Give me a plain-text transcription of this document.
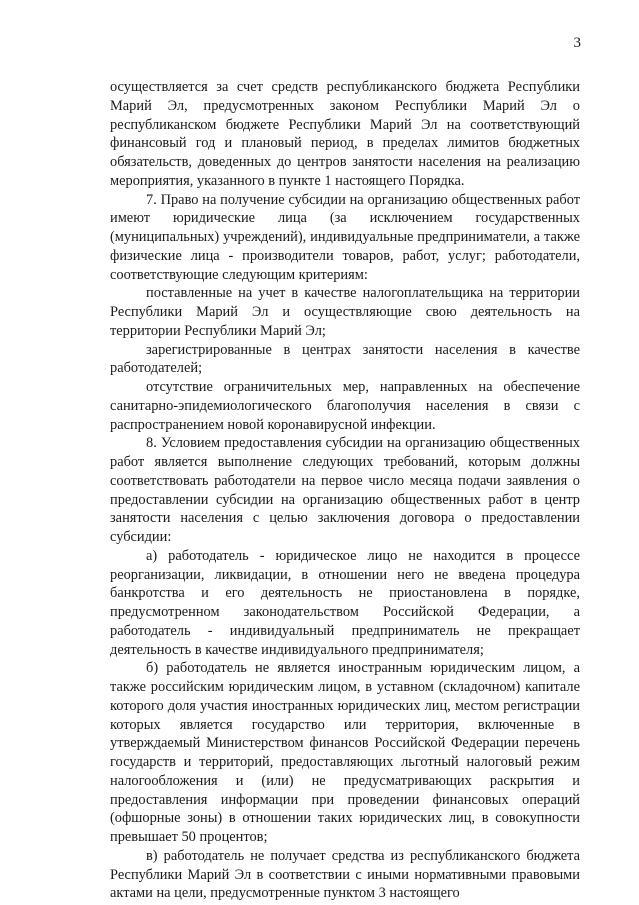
3

осуществляется за счет средств республиканского бюджета Республики Марий Эл, предусмотренных законом Республики Марий Эл о республиканском бюджете Республики Марий Эл на соответствующий финансовый год и плановый период, в пределах лимитов бюджетных обязательств, доведенных до центров занятости населения на реализацию мероприятия, указанного в пункте 1 настоящего Порядка.

7. Право на получение субсидии на организацию общественных работ имеют юридические лица (за исключением государственных (муниципальных) учреждений), индивидуальные предприниматели, а также физические лица - производители товаров, работ, услуг; работодатели, соответствующие следующим критериям:

поставленные на учет в качестве налогоплательщика на территории Республики Марий Эл и осуществляющие свою деятельность на территории Республики Марий Эл;

зарегистрированные в центрах занятости населения в качестве работодателей;

отсутствие ограничительных мер, направленных на обеспечение санитарно-эпидемиологического благополучия населения в связи с распространением новой коронавирусной инфекции.

8. Условием предоставления субсидии на организацию общественных работ является выполнение следующих требований, которым должны соответствовать работодатели на первое число месяца подачи заявления о предоставлении субсидии на организацию общественных работ в центр занятости населения с целью заключения договора о предоставлении субсидии:

а) работодатель - юридическое лицо не находится в процессе реорганизации, ликвидации, в отношении него не введена процедура банкротства и его деятельность не приостановлена в порядке, предусмотренном законодательством Российской Федерации, а работодатель - индивидуальный предприниматель не прекращает деятельность в качестве индивидуального предпринимателя;

б) работодатель не является иностранным юридическим лицом, а также российским юридическим лицом, в уставном (складочном) капитале которого доля участия иностранных юридических лиц, местом регистрации которых является государство или территория, включенные в утверждаемый Министерством финансов Российской Федерации перечень государств и территорий, предоставляющих льготный налоговый режим налогообложения и (или) не предусматривающих раскрытия и предоставления информации при проведении финансовых операций (офшорные зоны) в отношении таких юридических лиц, в совокупности превышает 50 процентов;

в) работодатель не получает средства из республиканского бюджета Республики Марий Эл в соответствии с иными нормативными правовыми актами на цели, предусмотренные пунктом 3 настоящего
